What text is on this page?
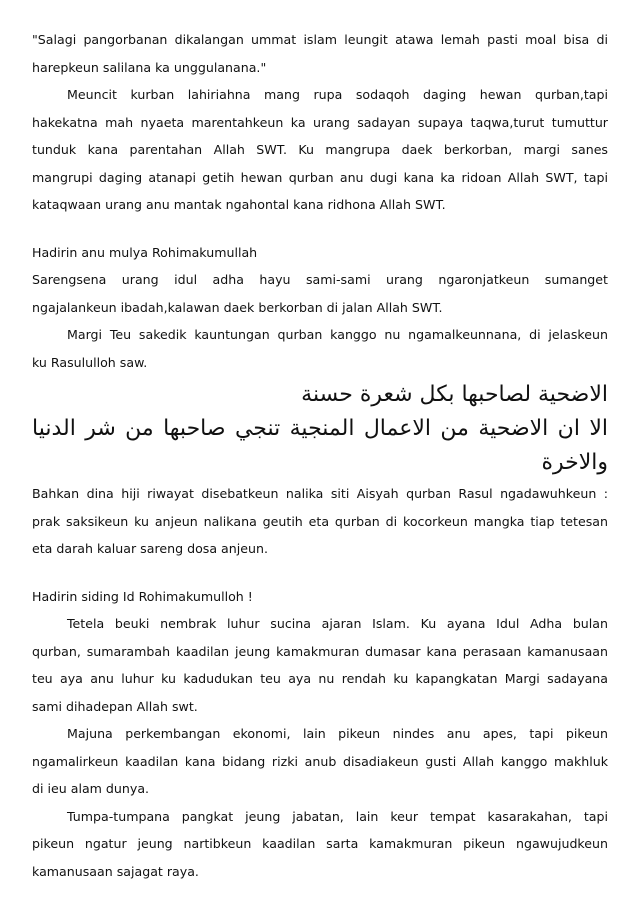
"Salagi pangorbanan dikalangan ummat islam leungit atawa lemah pasti moal bisa di
harepkeun salilana ka unggulanana."
Meuncit kurban lahiriahna mang rupa sodaqoh daging hewan qurban,tapi
hakekatna mah nyaeta marentahkeun ka urang sadayan supaya taqwa,turut tumuttur
tunduk kana parentahan Allah SWT. Ku mangrupa daek berkorban, margi sanes
mangrupi daging atanapi getih hewan qurban anu dugi kana ka ridoan Allah SWT, tapi
kataqwaan urang anu mantak ngahontal kana ridhona Allah SWT.
Hadirin anu mulya Rohimakumullah
Sarengsena urang idul adha hayu sami-sami urang ngaronjatkeun sumanget
ngajalankeun ibadah,kalawan daek berkorban di jalan Allah SWT.
Margi Teu sakedik kauntungan qurban kanggo nu ngamalkeunnana, di jelaskeun
ku Rasululloh saw.
الاضحية لصاحبها بكل شعرة حسنة
الا ان الاضحية من الاعمال المنجية تنجي صاحبها من شر الدنيا
والاخرة
Bahkan dina hiji riwayat disebatkeun nalika siti Aisyah qurban Rasul ngadawuhkeun :
prak saksikeun ku anjeun nalikana geutih eta qurban di kocorkeun mangka tiap tetesan
eta darah kaluar sareng dosa anjeun.
Hadirin siding Id Rohimakumulloh !
Tetela beuki nembrak luhur sucina ajaran Islam. Ku ayana Idul Adha bulan
qurban, sumarambah kaadilan jeung kamakmuran dumasar kana perasaan kamanusaan
teu aya anu luhur ku kadudukan teu aya nu rendah ku kapangkatan Margi sadayana
sami dihadepan Allah swt.
Majuna perkembangan ekonomi, lain pikeun nindes anu apes, tapi pikeun
ngamalirkeun kaadilan kana bidang rizki anub disadiakeun gusti Allah kanggo makhluk
di ieu alam dunya.
Tumpa-tumpana pangkat jeung jabatan, lain keur tempat kasarakahan, tapi
pikeun ngatur jeung nartibkeun kaadilan sarta kamakmuran pikeun ngawujudkeun
kamanusaan sajagat raya.
